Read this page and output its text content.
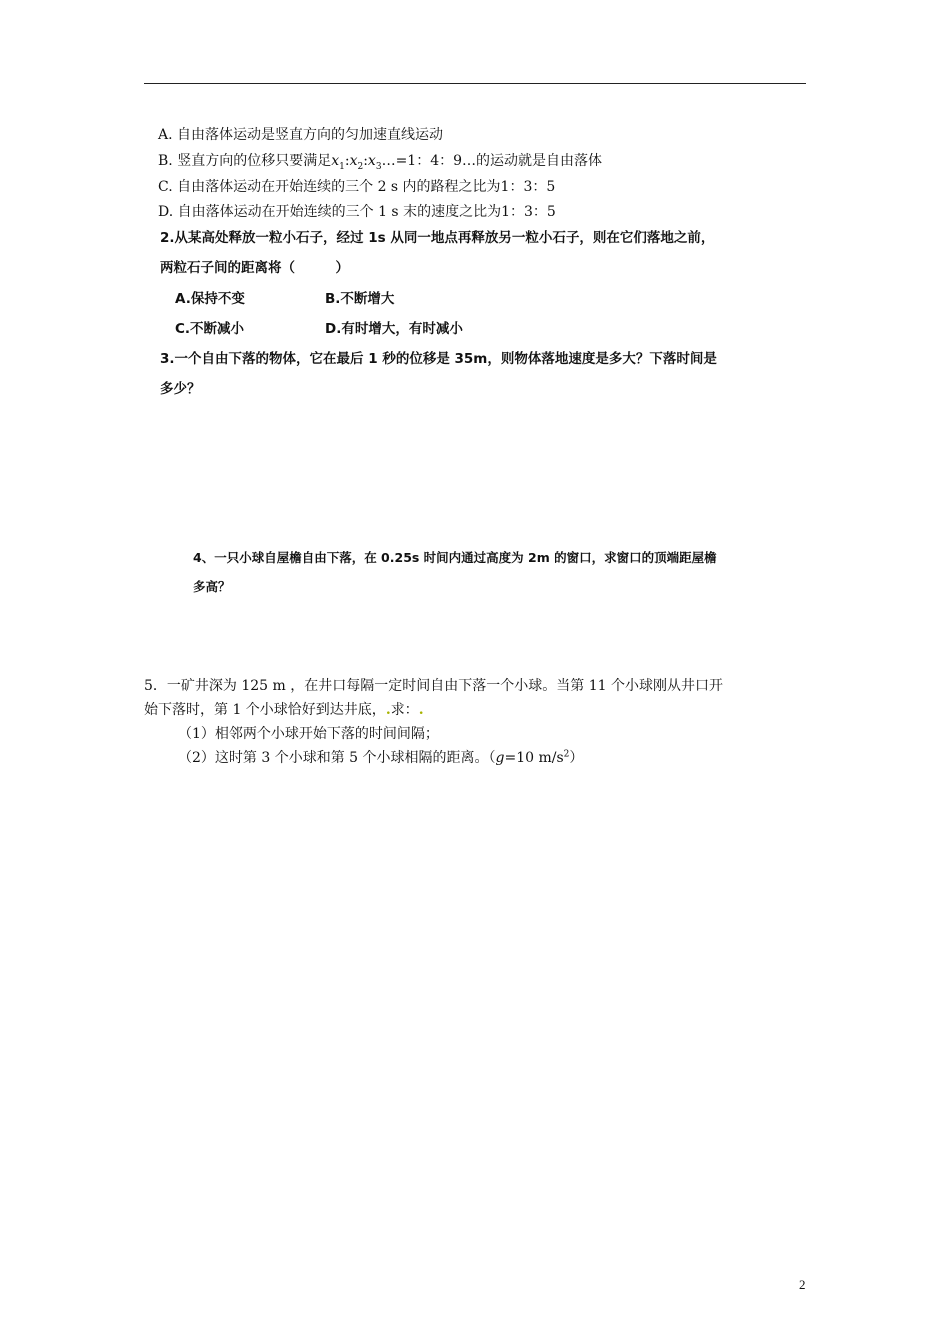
A. 自由落体运动是竖直方向的匀加速直线运动
B. 竖直方向的位移只要满足$x_1:x_2:x_3\dots=1$：4：9…的运动就是自由落体
C. 自由落体运动在开始连续的三个 2 s 内的路程之比为1：3：5
D. 自由落体运动在开始连续的三个 1 s 末的速度之比为1：3：5
2.从某高处释放一粒小石子，经过 1s 从同一地点再释放另一粒小石子，则在它们落地之前，
两粒石子间的距离将（　　　）
A.保持不变	B.不断增大
C.不断减小	D.有时增大，有时减小
3.一个自由下落的物体，它在最后 1 秒的位移是 35m，则物体落地速度是多大？下落时间是
多少？
4、一只小球自屋檐自由下落，在 0.25s 时间内通过高度为 2m 的窗口，求窗口的顶端距屋檐
多高？
5．一矿井深为 125 m ，在井口每隔一定时间自由下落一个小球。当第 11 个小球刚从井口开
始下落时，第 1 个小球恰好到达井底，.求：.
（1）相邻两个小球开始下落的时间间隔；
（2）这时第 3 个小球和第 5 个小球相隔的距离。（g=10 $m/s^2$）
2
